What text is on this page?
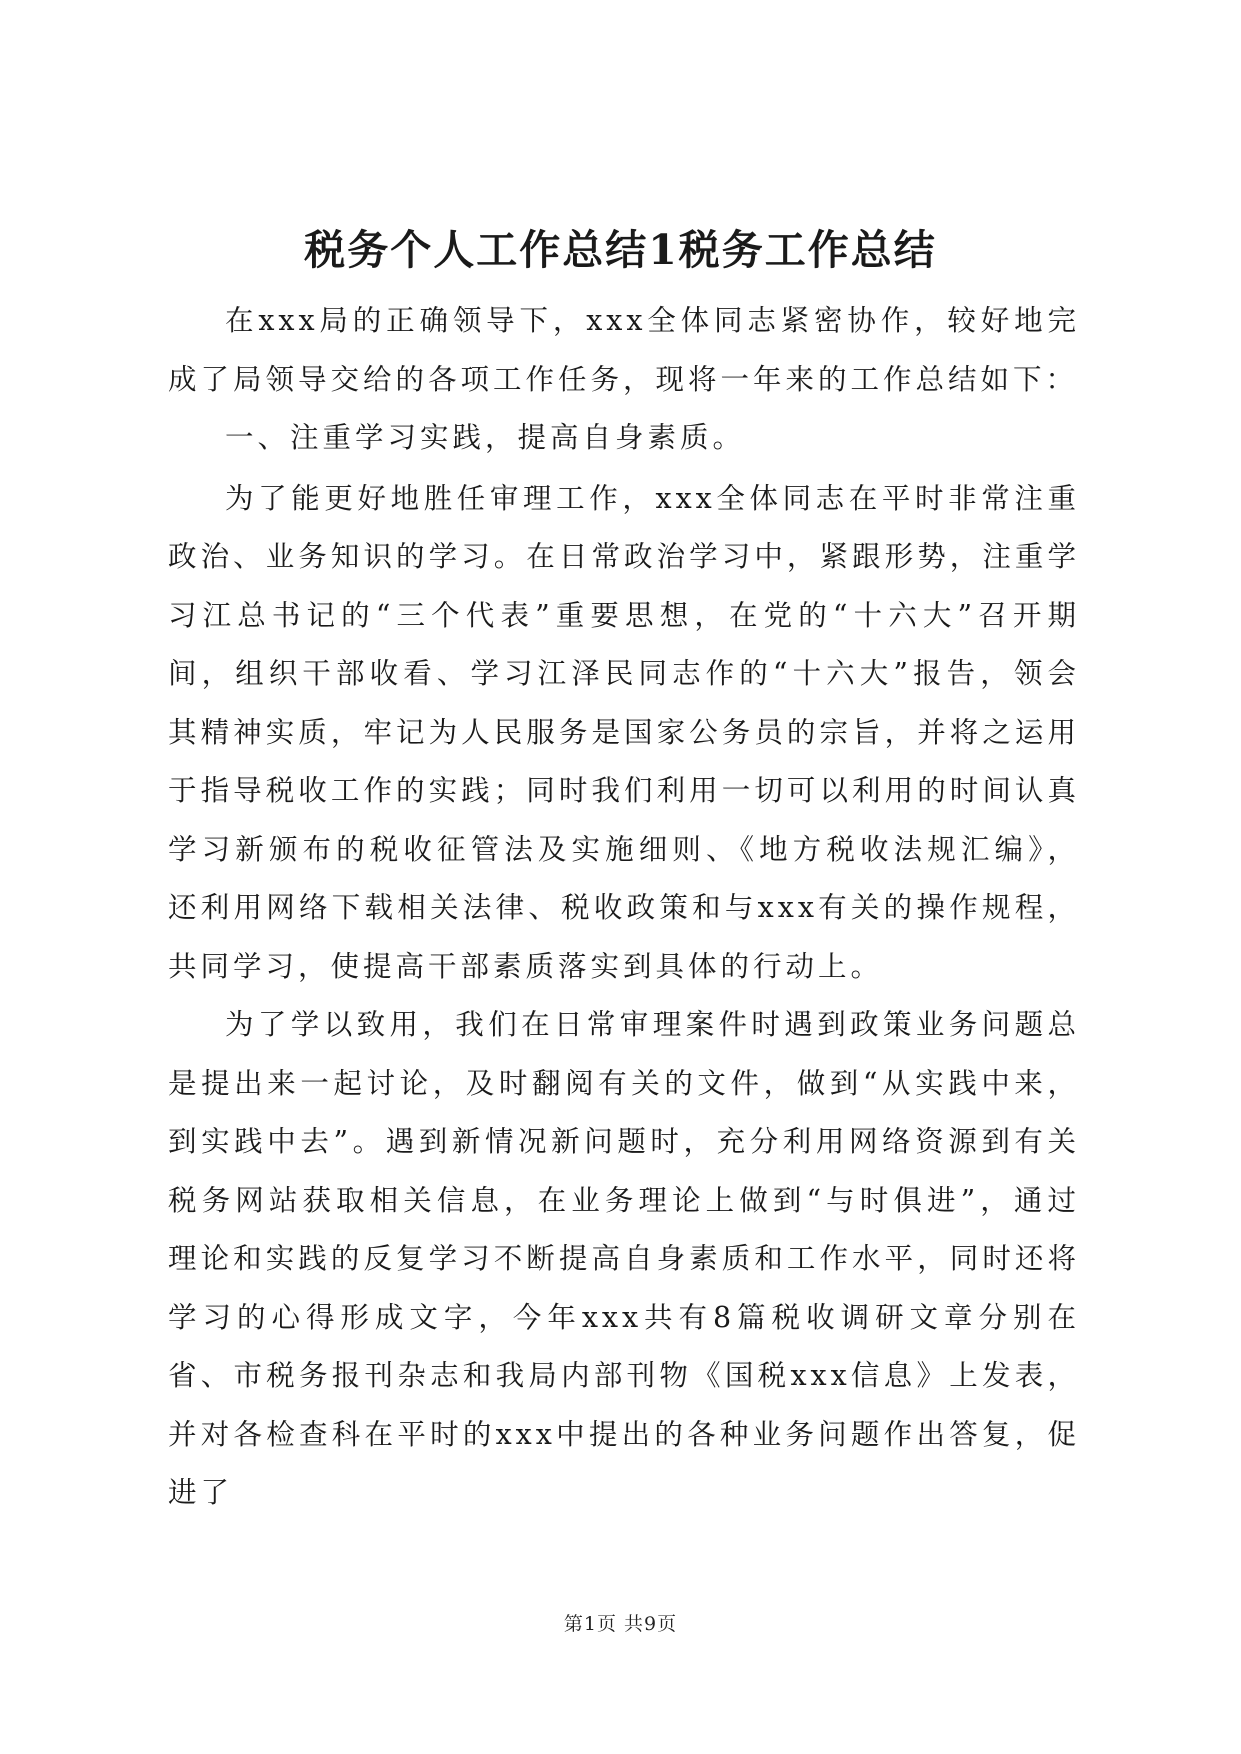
税务个人工作总结1税务工作总结

在xxx局的正确领导下，xxx全体同志紧密协作，较好地完成了局领导交给的各项工作任务，现将一年来的工作总结如下：

一、注重学习实践，提高自身素质。

为了能更好地胜任审理工作，xxx全体同志在平时非常注重政治、业务知识的学习。在日常政治学习中，紧跟形势，注重学习江总书记的“三个代表”重要思想，在党的“十六大”召开期间，组织干部收看、学习江泽民同志作的“十六大”报告，领会其精神实质，牢记为人民服务是国家公务员的宗旨，并将之运用于指导税收工作的实践；同时我们利用一切可以利用的时间认真学习新颁布的税收征管法及实施细则、《地方税收法规汇编》，还利用网络下载相关法律、税收政策和与xxx有关的操作规程，共同学习，使提高干部素质落实到具体的行动上。

为了学以致用，我们在日常审理案件时遇到政策业务问题总是提出来一起讨论，及时翻阅有关的文件，做到“从实践中来，到实践中去”。遇到新情况新问题时，充分利用网络资源到有关税务网站获取相关信息，在业务理论上做到“与时俱进”，通过理论和实践的反复学习不断提高自身素质和工作水平，同时还将学习的心得形成文字，今年xxx共有8篇税收调研文章分别在省、市税务报刊杂志和我局内部刊物《国税xxx信息》上发表，并对各检查科在平时的xxx中提出的各种业务问题作出答复，促进了

第1页 共9页
